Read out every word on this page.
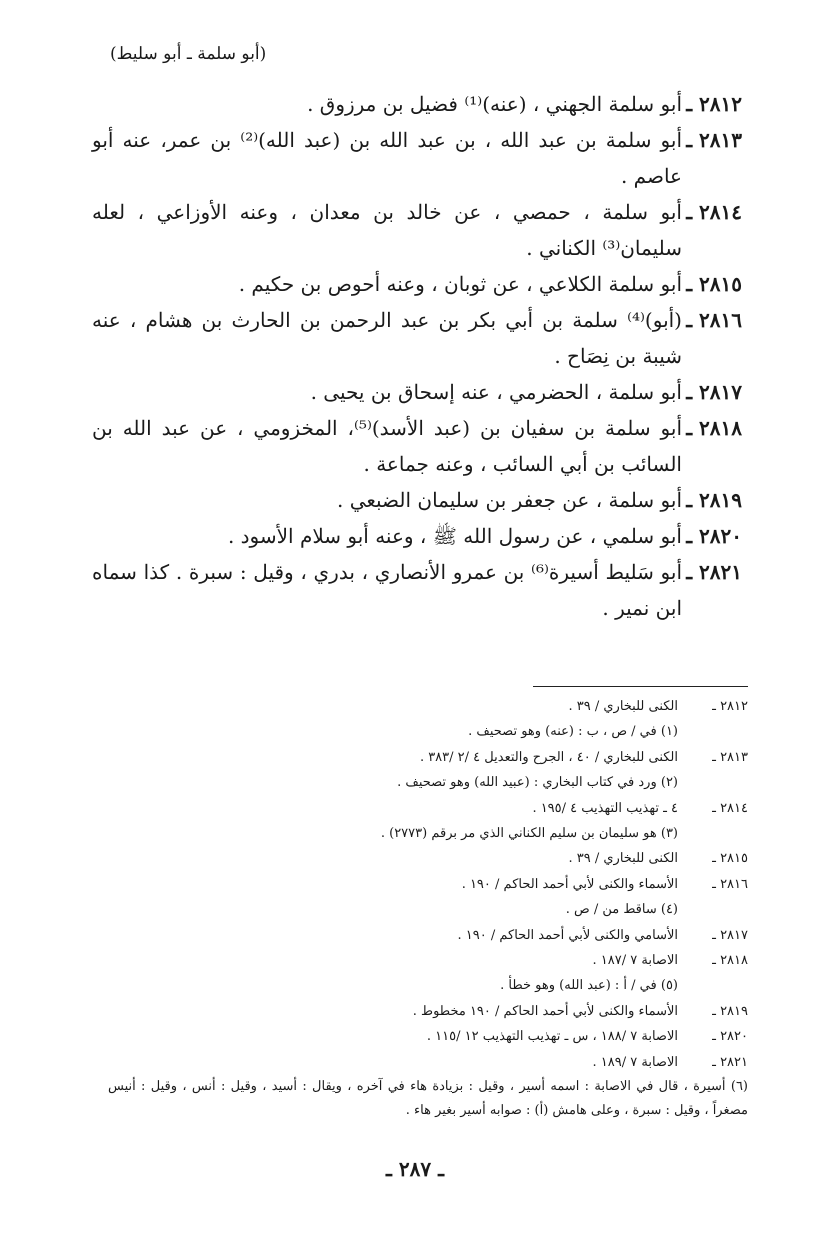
(أبو سلمة ـ أبو سليط)
٢٨١٢ ـ
أبو سلمة الجهني ، (عنه)⁽¹⁾ فضيل بن مرزوق .
٢٨١٣ ـ
أبو سلمة بن عبد الله ، بن عبد الله بن (عبد الله)⁽²⁾ بن عمر، عنه أبو عاصم .
٢٨١٤ ـ
أبو سلمة ، حمصي ، عن خالد بن معدان ، وعنه الأوزاعي ، لعله سليمان⁽³⁾ الكناني .
٢٨١٥ ـ
أبو سلمة الكلاعي ، عن ثوبان ، وعنه أحوص بن حكيم .
٢٨١٦ ـ
(أبو)⁽⁴⁾ سلمة بن أبي بكر بن عبد الرحمن بن الحارث بن هشام ، عنه شيبة بن نِصَاح .
٢٨١٧ ـ
أبو سلمة ، الحضرمي ، عنه إسحاق بن يحيى .
٢٨١٨ ـ
أبو سلمة بن سفيان بن (عبد الأسد)⁽⁵⁾، المخزومي ، عن عبد الله بن السائب بن أبي السائب ، وعنه جماعة .
٢٨١٩ ـ
أبو سلمة ، عن جعفر بن سليمان الضبعي .
٢٨٢٠ ـ
أبو سلمي ، عن رسول الله ﷺ ، وعنه أبو سلام الأسود .
٢٨٢١ ـ
أبو سَليط أسيرة⁽⁶⁾ بن عمرو الأنصاري ، بدري ، وقيل : سبرة . كذا سماه ابن نمير .
٢٨١٢ ـ
الكنى للبخاري / ٣٩ .
(١) في / ص ، ب : (عنه) وهو تصحيف .
٢٨١٣ ـ
الكنى للبخاري / ٤٠ ، الجرح والتعديل ٤ /٢ /٣٨٣ .
(٢) ورد في كتاب البخاري : (عبيد الله) وهو تصحيف .
٢٨١٤ ـ
٤ ـ تهذيب التهذيب ٤ /١٩٥ .
(٣) هو سليمان بن سليم الكناني الذي مر برقم (٢٧٧٣) .
٢٨١٥ ـ
الكنى للبخاري / ٣٩ .
٢٨١٦ ـ
الأسماء والكنى لأبي أحمد الحاكم / ١٩٠ .
(٤) ساقط من / ص .
٢٨١٧ ـ
الأسامي والكنى لأبي أحمد الحاكم / ١٩٠ .
٢٨١٨ ـ
الاصابة ٧ /١٨٧ .
(٥) في / أ : (عبد الله) وهو خطأ .
٢٨١٩ ـ
الأسماء والكنى لأبي أحمد الحاكم / ١٩٠ مخطوط .
٢٨٢٠ ـ
الاصابة ٧ /١٨٨ ، س ـ تهذيب التهذيب ١٢ /١١٥ .
٢٨٢١ ـ
الاصابة ٧ /١٨٩ .
(٦) أسيرة ، قال في الاصابة : اسمه أسير ، وقيل : بزيادة هاء في آخره ، ويقال : أسيد ، وقيل : أنس ، وقيل : أنيس مصغراً ، وقيل : سبرة ، وعلى هامش (أ) : صوابه أسير بغير هاء .
ـ ٢٨٧ ـ
